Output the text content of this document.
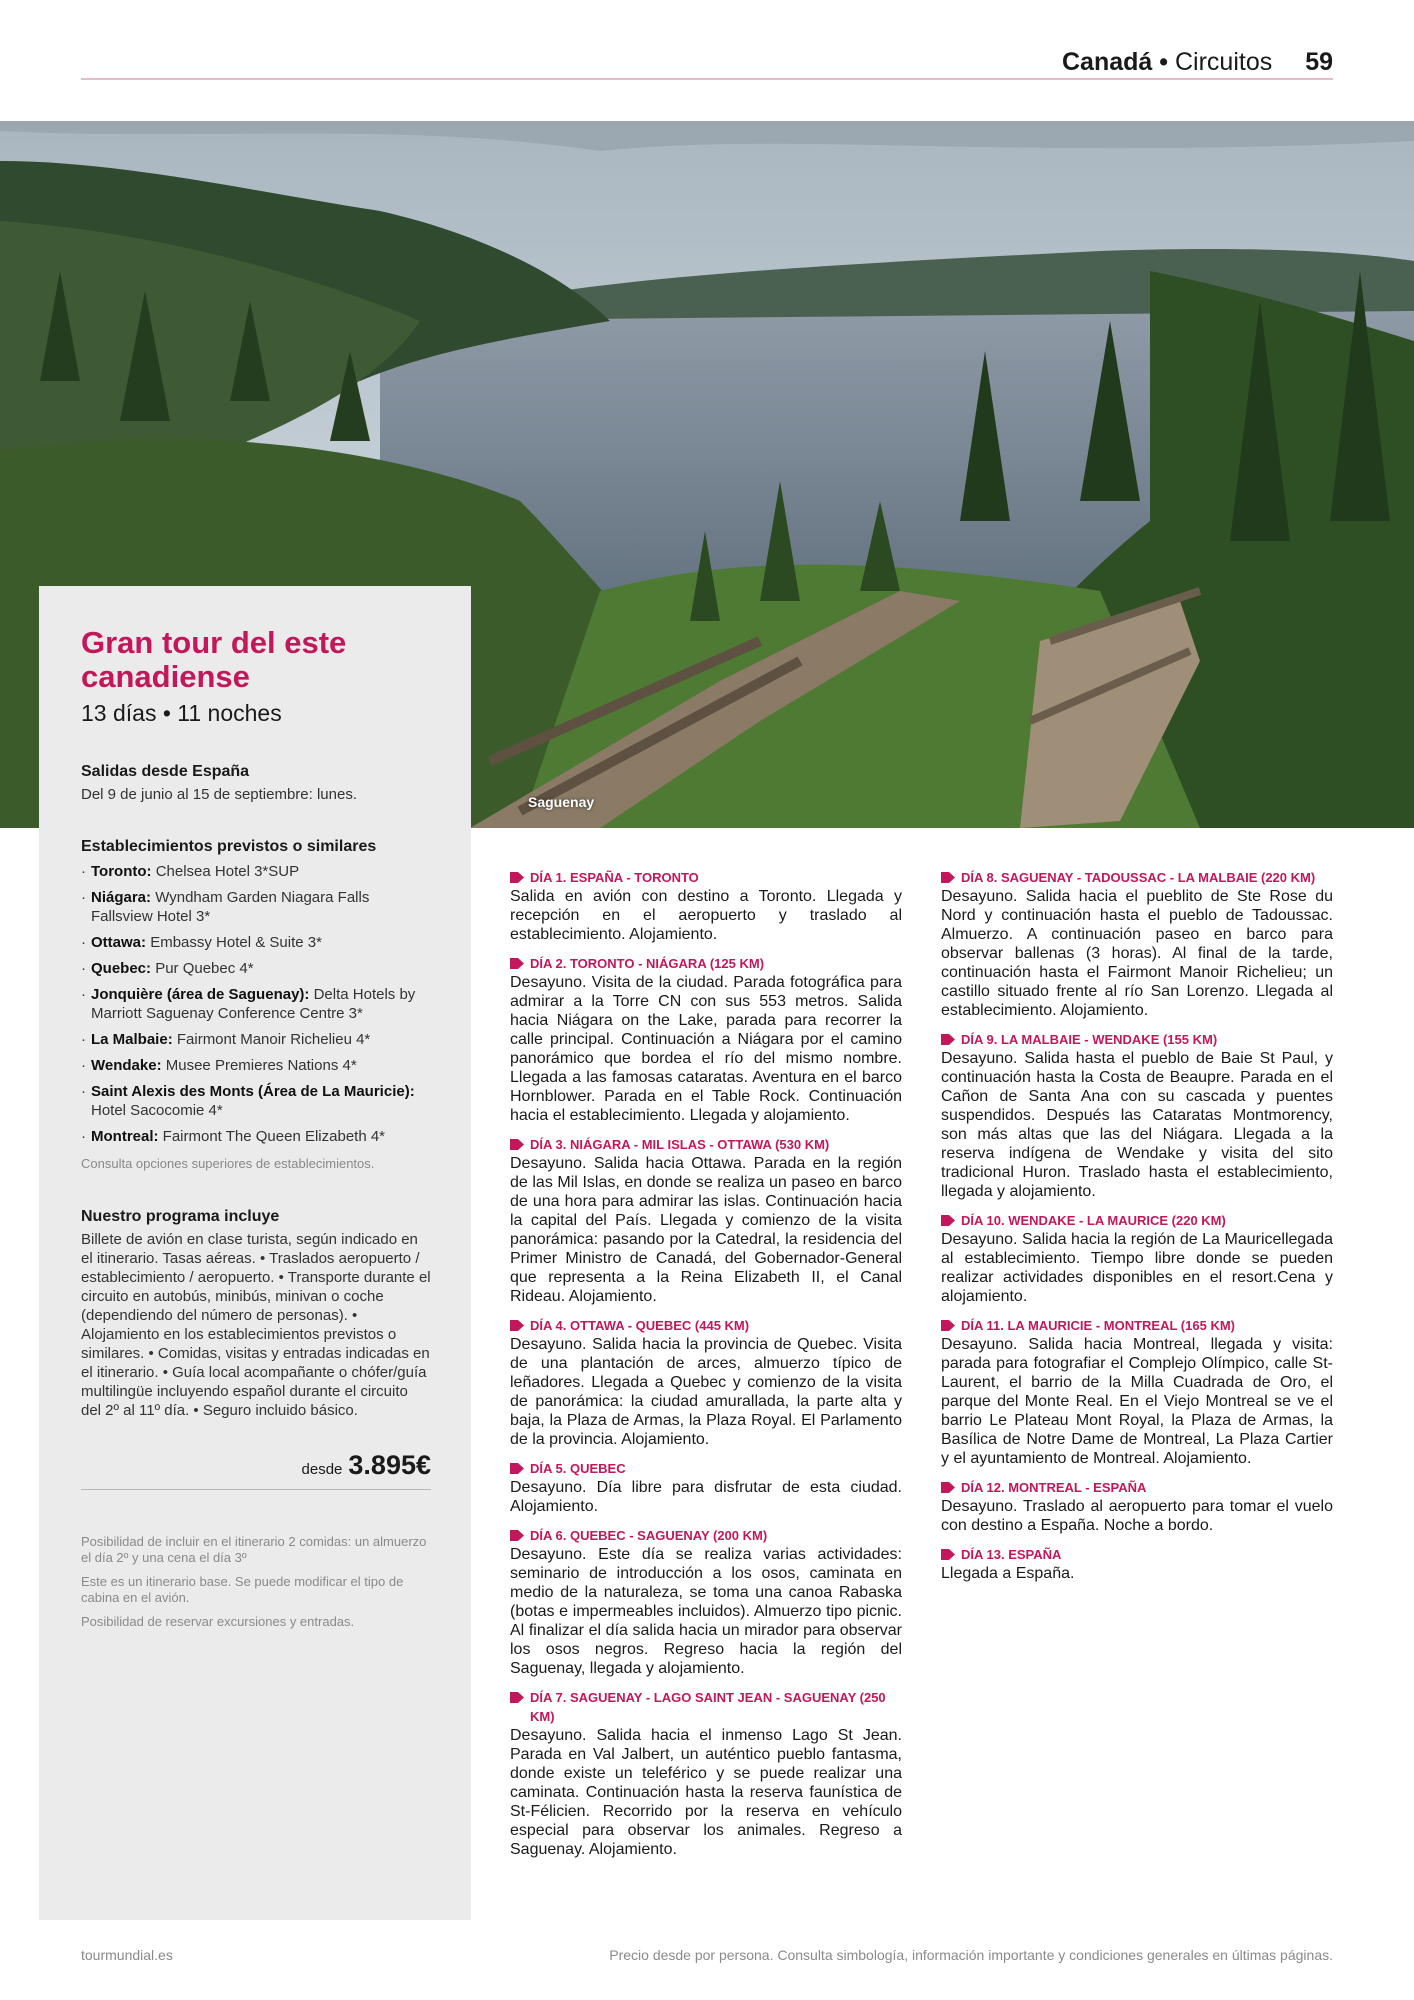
Canadá • Circuitos 59
Saguenay
Gran tour del este canadiense
13 días • 11 noches
Salidas desde España
Del 9 de junio al 15 de septiembre: lunes.
Establecimientos previstos o similares
· Toronto: Chelsea Hotel 3*SUP
· Niágara: Wyndham Garden Niagara Falls Fallsview Hotel 3*
· Ottawa: Embassy Hotel & Suite 3*
· Quebec: Pur Quebec 4*
· Jonquière (área de Saguenay): Delta Hotels by Marriott Saguenay Conference Centre 3*
· La Malbaie: Fairmont Manoir Richelieu 4*
· Wendake: Musee Premieres Nations 4*
· Saint Alexis des Monts (Área de La Mauricie): Hotel Sacocomie 4*
· Montreal: Fairmont The Queen Elizabeth 4*
Consulta opciones superiores de establecimientos.
Nuestro programa incluye
Billete de avión en clase turista, según indicado en el itinerario. Tasas aéreas. • Traslados aeropuerto / establecimiento / aeropuerto. • Transporte durante el circuito en autobús, minibús, minivan o coche (dependiendo del número de personas). • Alojamiento en los establecimientos previstos o similares. • Comidas, visitas y entradas indicadas en el itinerario. • Guía local acompañante o chófer/guía multilingüe incluyendo español durante el circuito del 2º al 11º día. • Seguro incluido básico.
desde 3.895€
Posibilidad de incluir en el itinerario 2 comidas: un almuerzo el día 2º y una cena el día 3º
Este es un itinerario base. Se puede modificar el tipo de cabina en el avión.
Posibilidad de reservar excursiones y entradas.
DÍA 1. ESPAÑA - TORONTO
Salida en avión con destino a Toronto. Llegada y recepción en el aeropuerto y traslado al establecimiento. Alojamiento.
DÍA 2. TORONTO - NIÁGARA (125 KM)
Desayuno. Visita de la ciudad. Parada fotográfica para admirar a la Torre CN con sus 553 metros. Salida hacia Niágara on the Lake, parada para recorrer la calle principal. Continuación a Niágara por el camino panorámico que bordea el río del mismo nombre. Llegada a las famosas cataratas. Aventura en el barco Hornblower. Parada en el Table Rock. Continuación hacia el establecimiento. Llegada y alojamiento.
DÍA 3. NIÁGARA - MIL ISLAS - OTTAWA (530 KM)
Desayuno. Salida hacia Ottawa. Parada en la región de las Mil Islas, en donde se realiza un paseo en barco de una hora para admirar las islas. Continuación hacia la capital del País. Llegada y comienzo de la visita panorámica: pasando por la Catedral, la residencia del Primer Ministro de Canadá, del Gobernador-General que representa a la Reina Elizabeth II, el Canal Rideau. Alojamiento.
DÍA 4. OTTAWA - QUEBEC (445 KM)
Desayuno. Salida hacia la provincia de Quebec. Visita de una plantación de arces, almuerzo típico de leñadores. Llegada a Quebec y comienzo de la visita de panorámica: la ciudad amurallada, la parte alta y baja, la Plaza de Armas, la Plaza Royal. El Parlamento de la provincia. Alojamiento.
DÍA 5. QUEBEC
Desayuno. Día libre para disfrutar de esta ciudad. Alojamiento.
DÍA 6. QUEBEC - SAGUENAY (200 KM)
Desayuno. Este día se realiza varias actividades: seminario de introducción a los osos, caminata en medio de la naturaleza, se toma una canoa Rabaska (botas e impermeables incluidos). Almuerzo tipo picnic. Al finalizar el día salida hacia un mirador para observar los osos negros. Regreso hacia la región del Saguenay, llegada y alojamiento.
DÍA 7. SAGUENAY - LAGO SAINT JEAN - SAGUENAY (250 KM)
Desayuno. Salida hacia el inmenso Lago St Jean. Parada en Val Jalbert, un auténtico pueblo fantasma, donde existe un teleférico y se puede realizar una caminata. Continuación hasta la reserva faunística de St-Félicien. Recorrido por la reserva en vehículo especial para observar los animales. Regreso a Saguenay. Alojamiento.
DÍA 8. SAGUENAY - TADOUSSAC - LA MALBAIE (220 KM)
Desayuno. Salida hacia el pueblito de Ste Rose du Nord y continuación hasta el pueblo de Tadoussac. Almuerzo. A continuación paseo en barco para observar ballenas (3 horas). Al final de la tarde, continuación hasta el Fairmont Manoir Richelieu; un castillo situado frente al río San Lorenzo. Llegada al establecimiento. Alojamiento.
DÍA 9. LA MALBAIE - WENDAKE (155 KM)
Desayuno. Salida hasta el pueblo de Baie St Paul, y continuación hasta la Costa de Beaupre. Parada en el Cañon de Santa Ana con su cascada y puentes suspendidos. Después las Cataratas Montmorency, son más altas que las del Niágara. Llegada a la reserva indígena de Wendake y visita del sito tradicional Huron. Traslado hasta el establecimiento, llegada y alojamiento.
DÍA 10. WENDAKE - LA MAURICE (220 KM)
Desayuno. Salida hacia la región de La Mauricellegada al establecimiento. Tiempo libre donde se pueden realizar actividades disponibles en el resort.Cena y alojamiento.
DÍA 11. LA MAURICIE - MONTREAL (165 KM)
Desayuno. Salida hacia Montreal, llegada y visita: parada para fotografiar el Complejo Olímpico, calle St-Laurent, el barrio de la Milla Cuadrada de Oro, el parque del Monte Real. En el Viejo Montreal se ve el barrio Le Plateau Mont Royal, la Plaza de Armas, la Basílica de Notre Dame de Montreal, La Plaza Cartier y el ayuntamiento de Montreal. Alojamiento.
DÍA 12. MONTREAL - ESPAÑA
Desayuno. Traslado al aeropuerto para tomar el vuelo con destino a España. Noche a bordo.
DÍA 13. ESPAÑA
Llegada a España.
tourmundial.es	Precio desde por persona. Consulta simbología, información importante y condiciones generales en últimas páginas.
